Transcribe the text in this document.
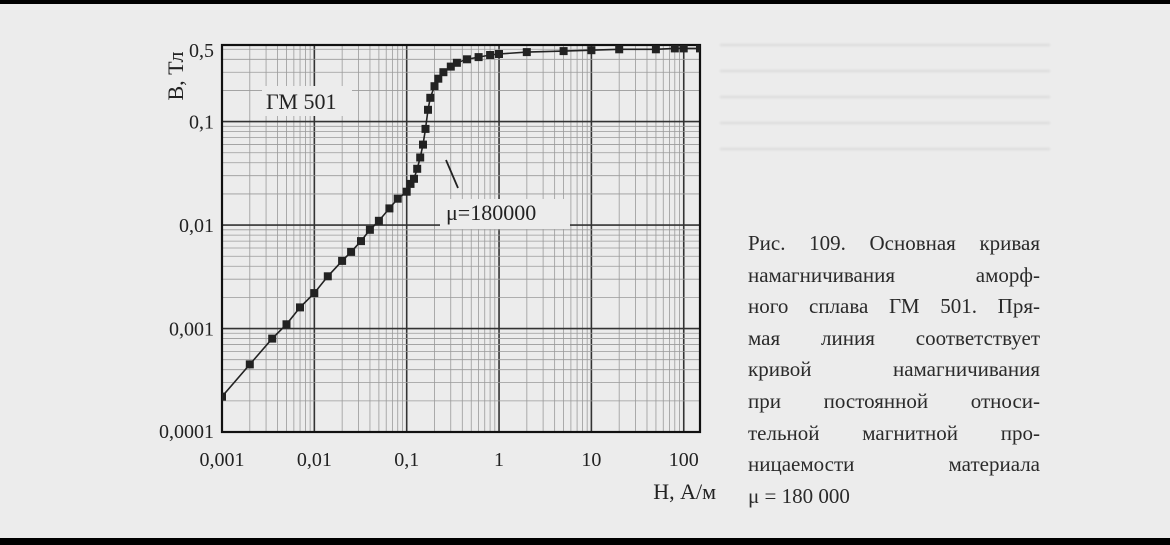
0,001	0,01	0,1	1	10	100
0,0001
0,001
0,01
0,1
0,5
ГМ 501
μ=180000
H, А/м
B, Тл
Рис. 109. Основная кривая
намагничивания аморф-
ного сплава ГМ 501. Пря-
мая линия соответствует
кривой намагничивания
при постоянной относи-
тельной магнитной про-
ницаемости материала
μ = 180 000
